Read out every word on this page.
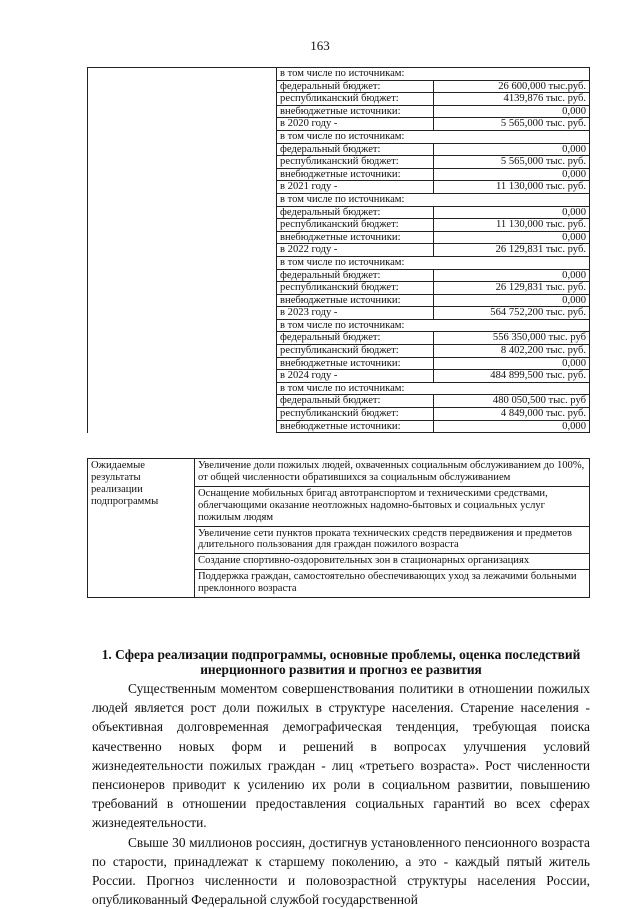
163
	в том числе по источникам:	
	федеральный бюджет:	26 600,000 тыс.руб.
	республиканский бюджет:	4139,876 тыс. руб.
	внебюджетные источники:	0,000
	в 2020 году -	5 565,000 тыс. руб.
	в том числе по источникам:	
	федеральный бюджет:	0,000
	республиканский бюджет:	5 565,000 тыс. руб.
	внебюджетные источники:	0,000
	в 2021 году -	11 130,000 тыс. руб.
	в том числе по источникам:	
	федеральный бюджет:	0,000
	республиканский бюджет:	11 130,000 тыс. руб.
	внебюджетные источники:	0,000
	в 2022 году -	26 129,831 тыс. руб.
	в том числе по источникам:	
	федеральный бюджет:	0,000
	республиканский бюджет:	26 129,831 тыс. руб.
	внебюджетные источники:	0,000
	в 2023 году -	564 752,200 тыс. руб.
	в том числе по источникам:	
	федеральный бюджет:	556 350,000 тыс. руб
	республиканский бюджет:	8 402,200 тыс. руб.
	внебюджетные источники:	0,000
	в 2024 году -	484 899,500 тыс. руб.
	в том числе по источникам:	
	федеральный бюджет:	480 050,500 тыс. руб
	республиканский бюджет:	4 849,000 тыс. руб.
	внебюджетные источники:	0,000
Ожидаемые результаты реализации подпрограммы	Увеличение доли пожилых людей, охваченных социальным обслуживанием до 100%, от общей численности обратившихся за социальным обслуживанием
Оснащение мобильных бригад автотранспортом и техническими средствами, облегчающими оказание неотложных надомно-бытовых и социальных услуг пожилым людям
Увеличение сети пунктов проката технических средств передвижения и предметов длительного пользования для граждан пожилого возраста
Создание спортивно-оздоровительных зон в стационарных организациях
Поддержка граждан, самостоятельно обеспечивающих уход за лежачими больными преклонного возраста
1. Сфера реализации подпрограммы, основные проблемы, оценка последствий инерционного развития и прогноз ее развития

Существенным моментом совершенствования политики в отношении пожилых людей является рост доли пожилых в структуре населения. Старение населения - объективная долговременная демографическая тенденция, требующая поиска качественно новых форм и решений в вопросах улучшения условий жизнедеятельности пожилых граждан - лиц «третьего возраста». Рост численности пенсионеров приводит к усилению их роли в социальном развитии, повышению требований в отношении предоставления социальных гарантий во всех сферах жизнедеятельности.

Свыше 30 миллионов россиян, достигнув установленного пенсионного возраста по старости, принадлежат к старшему поколению, а это - каждый пятый житель России. Прогноз численности и половозрастной структуры населения России, опубликованный Федеральной службой государственной
